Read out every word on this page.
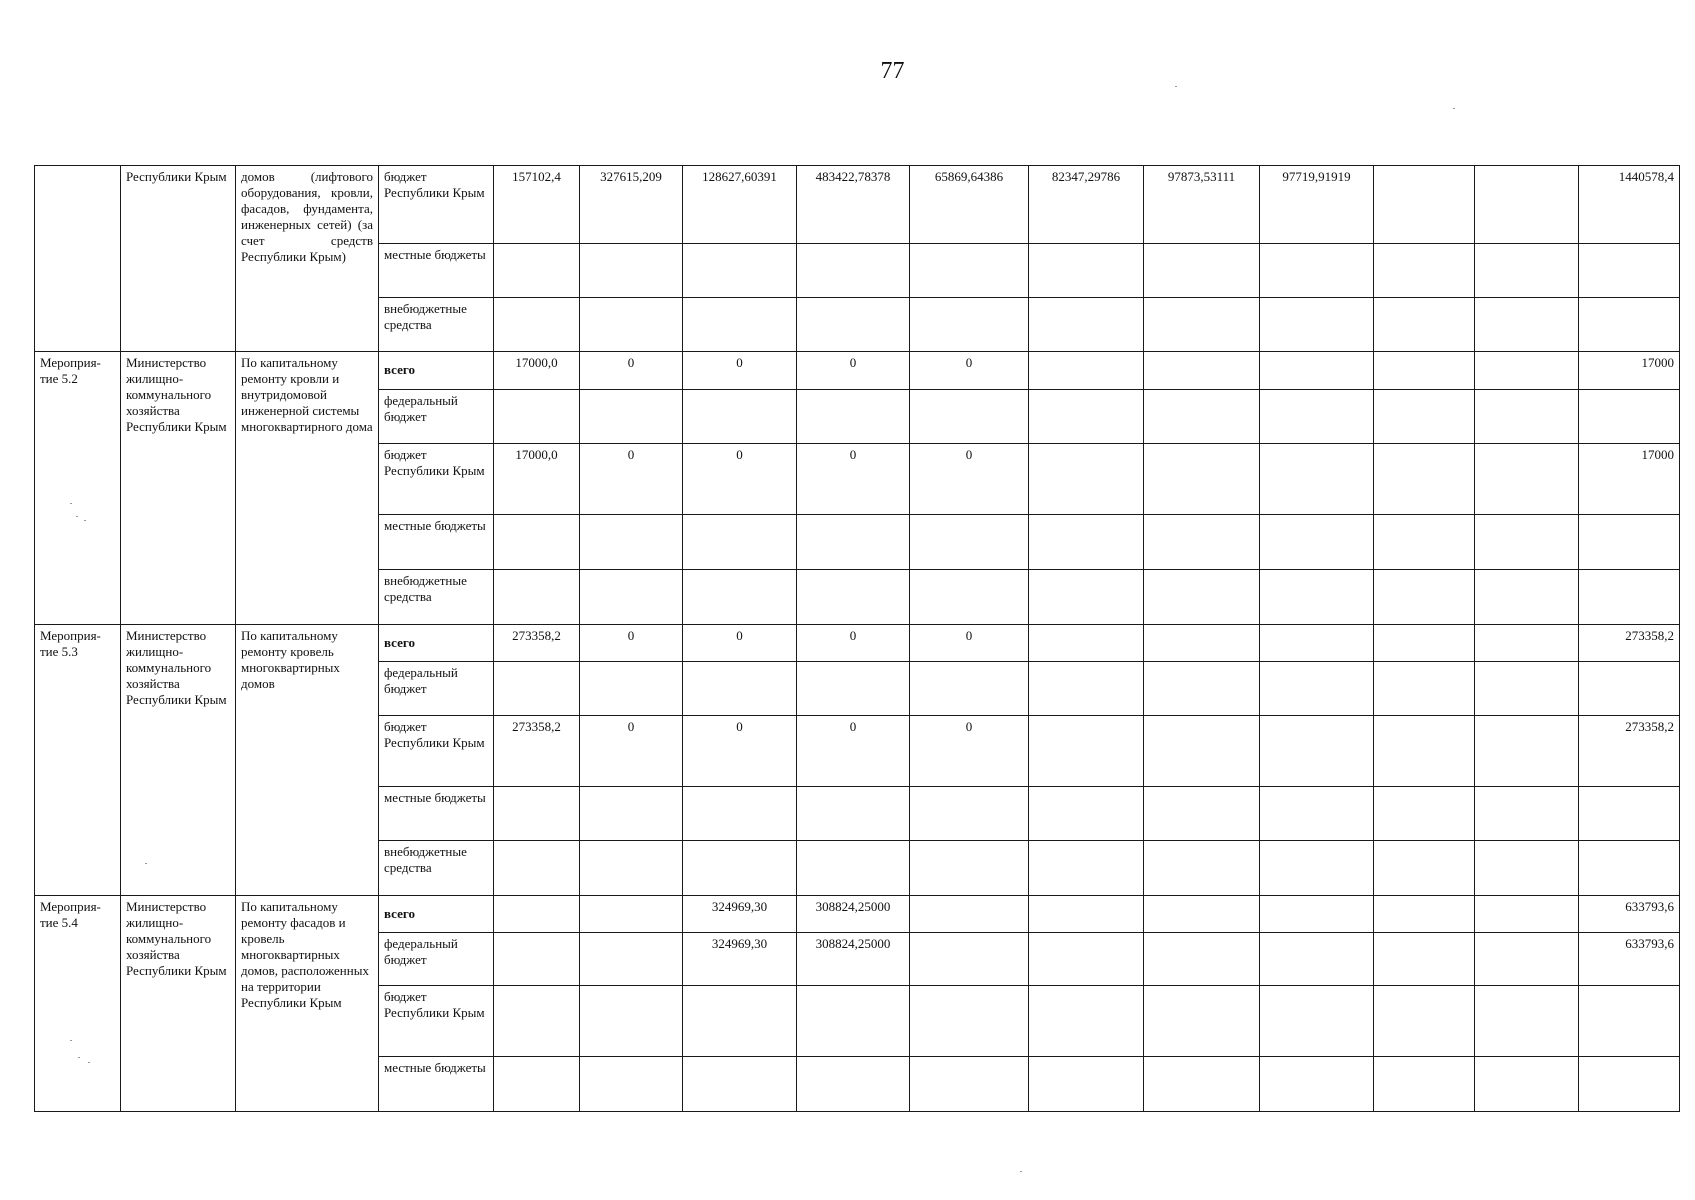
77
	Республики Крым	домов (лифтового оборудования, кровли, фасадов, фундамента, инженерных сетей) (за счет средств Республики Крым)	бюджет Республики Крым	157102,4	327615,209	128627,60391	483422,78378	65869,64386	82347,29786	97873,53111	97719,91919			1440578,4
			местные бюджеты											
			внебюджетные средства											
Мероприя-тие 5.2	Министерство жилищно-коммунального хозяйства Республики Крым	По капитальному ремонту кровли и внутридомовой инженерной системы многоквартирного дома	всего	17000,0	0	0	0	0						17000
			федеральный бюджет											
			бюджет Республики Крым	17000,0	0	0	0	0						17000
			местные бюджеты											
			внебюджетные средства											
Мероприя-тие 5.3	Министерство жилищно-коммунального хозяйства Республики Крым	По капитальному ремонту кровель многоквартирных домов	всего	273358,2	0	0	0	0						273358,2
			федеральный бюджет											
			бюджет Республики Крым	273358,2	0	0	0	0						273358,2
			местные бюджеты											
			внебюджетные средства											
Мероприя-тие 5.4	Министерство жилищно-коммунального хозяйства Республики Крым	По капитальному ремонту фасадов и кровель многоквартирных домов, расположенных на территории Республики Крым	всего			324969,30	308824,25000							633793,6
			федеральный бюджет			324969,30	308824,25000							633793,6
			бюджет Республики Крым											
			местные бюджеты											
